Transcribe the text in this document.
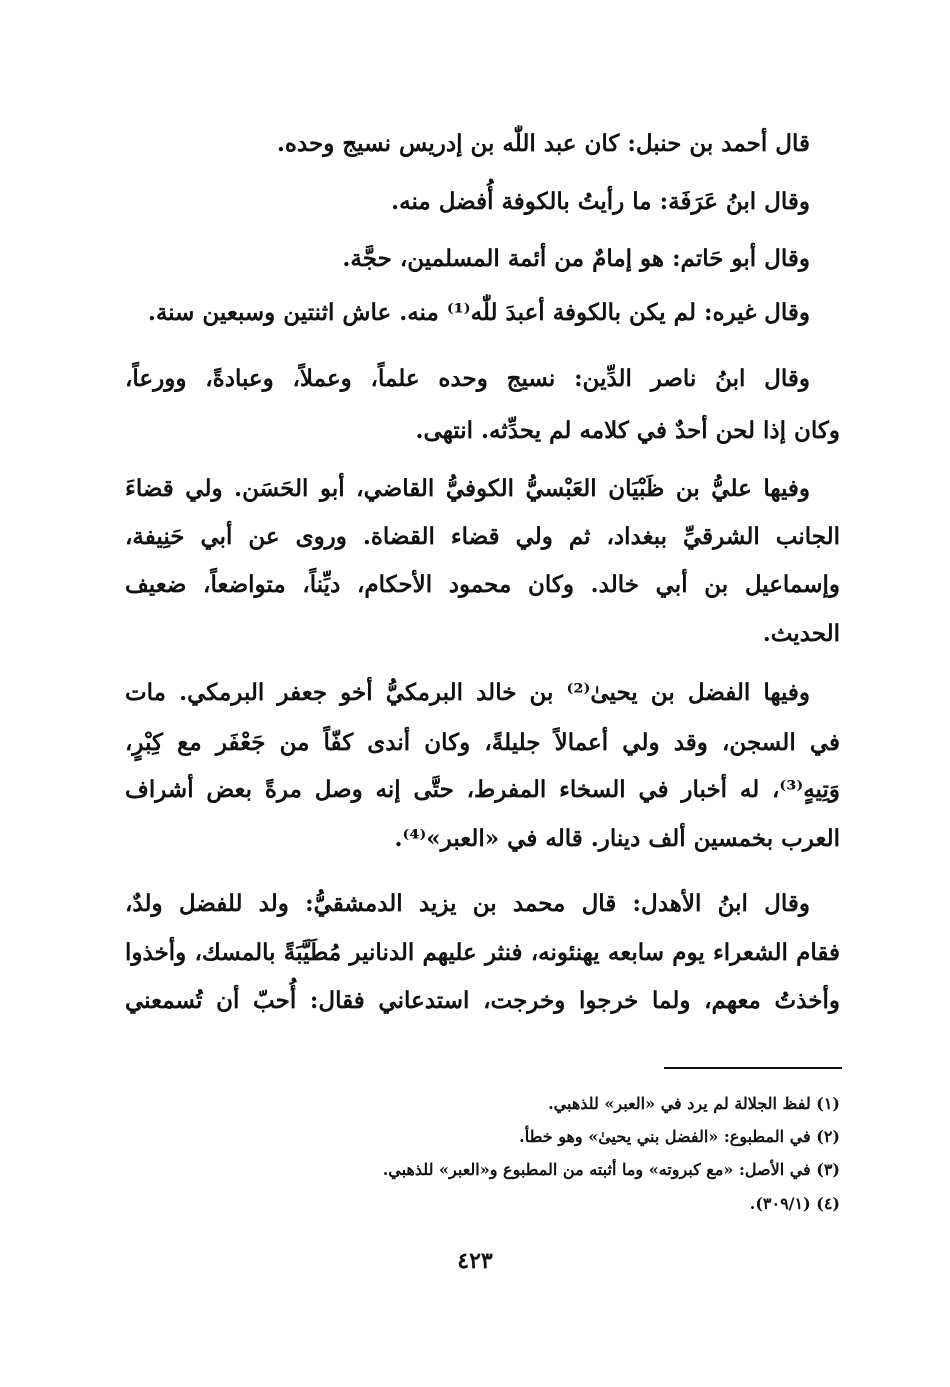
قال أحمد بن حنبل: كان عبد اللّٰه بن إدريس نسيج وحده.
وقال ابنُ عَرَفَة: ما رأيتُ بالكوفة أُفضل منه.
وقال أبو حَاتم: هو إمامٌ من أئمة المسلمين، حجَّة.
وقال غيره: لم يكن بالكوفة أعبدَ للّٰه⁽¹⁾ منه. عاش اثنتين وسبعين سنة.
وقال ابنُ ناصر الدِّين: نسيج وحده علماً، وعملاً، وعبادةً، وورعاً،
وكان إذا لحن أحدٌ في كلامه لم يحدِّثه. انتهى.
وفيها عليُّ بن ظَبْيَان العَبْسيُّ الكوفيُّ القاضي، أبو الحَسَن. ولي قضاءَ
الجانب الشرقيِّ ببغداد، ثم ولي قضاء القضاة. وروى عن أبي حَنِيفة،
وإسماعيل بن أبي خالد. وكان محمود الأحكام، ديِّناً، متواضعاً، ضعيف
الحديث.
وفيها الفضل بن يحيىٰ⁽²⁾ بن خالد البرمكيُّ أخو جعفر البرمكي. مات
في السجن، وقد ولي أعمالاً جليلةً، وكان أندى كفّاً من جَعْفَر مع كِبْرٍ،
وَتِيهٍ⁽³⁾، له أخبار في السخاء المفرط، حتَّى إنه وصل مرةً بعض أشراف
العرب بخمسين ألف دينار. قاله في «العبر»⁽⁴⁾.
وقال ابنُ الأهدل: قال محمد بن يزيد الدمشقيُّ: ولد للفضل ولدٌ،
فقام الشعراء يوم سابعه يهنئونه، فنثر عليهم الدنانير مُطَيَّبَةً بالمسك، وأخذوا
وأخذتُ معهم، ولما خرجوا وخرجت، استدعاني فقال: أُحبّ أن تُسمعني
(١) لفظ الجلالة لم يرد في «العبر» للذهبي.
(٢) في المطبوع: «الفضل بني يحيىٰ» وهو خطأ.
(٣) في الأصل: «مع كبروته» وما أثبته من المطبوع و«العبر» للذهبي.
(٤) (٣٠٩/١).
٤٢٣
